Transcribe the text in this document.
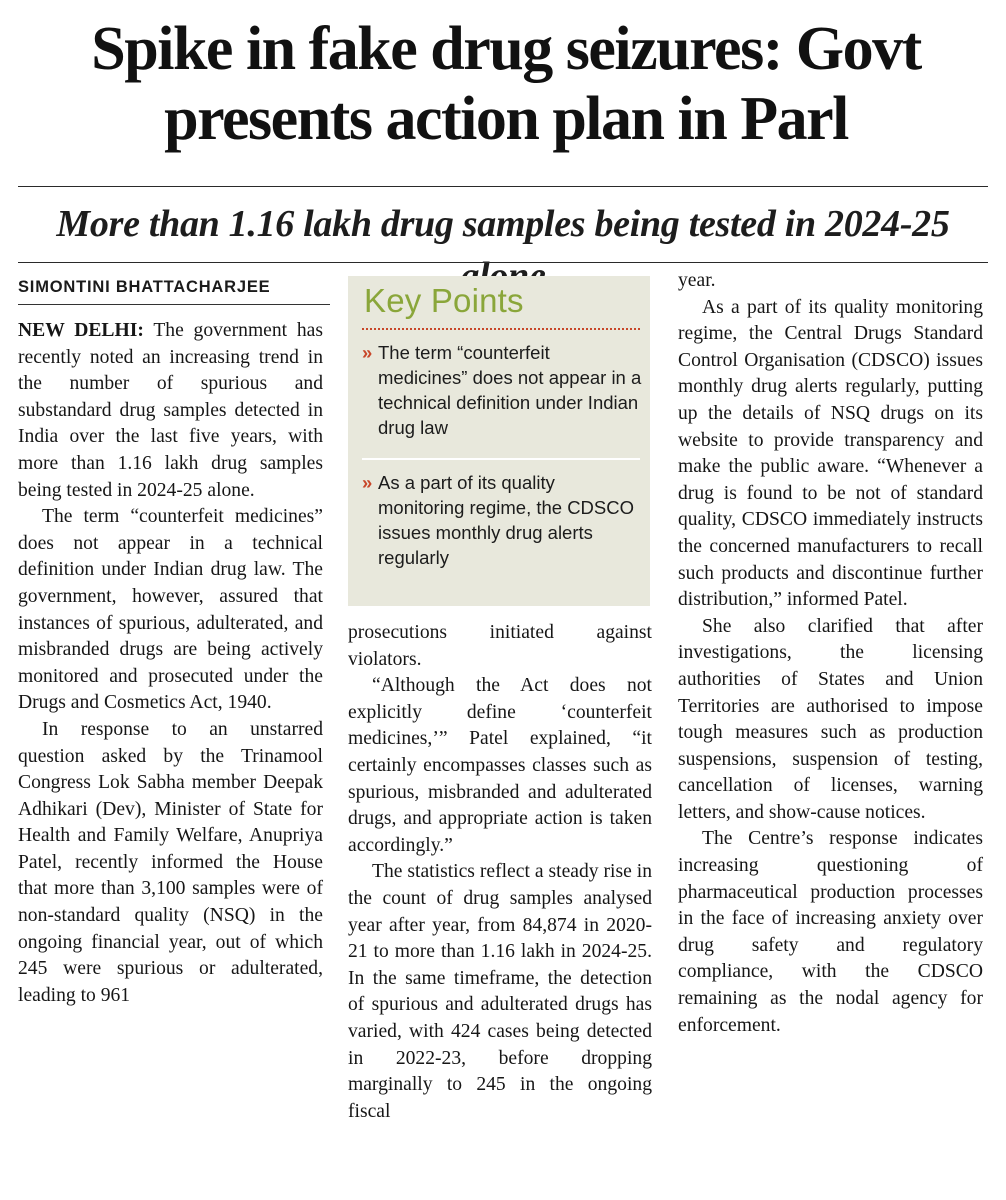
Spike in fake drug seizures: Govt presents action plan in Parl
More than 1.16 lakh drug samples being tested in 2024-25
SIMONTINI BHATTACHARJEE

NEW DELHI: The government has recently noted an increasing trend in the number of spurious and substandard drug samples detected in India over the last five years, with more than 1.16 lakh drug samples being tested in 2024-25 alone.

The term “counterfeit medicines” does not appear in a technical definition under Indian drug law. The government, however, assured that instances of spurious, adulterated, and misbranded drugs are being actively monitored and prosecuted under the Drugs and Cosmetics Act, 1940.

In response to an unstarred question asked by the Trinamool Congress Lok Sabha member Deepak Adhikari (Dev), Minister of State for Health and Family Welfare, Anupriya Patel, recently informed the House that more than 3,100 samples were of non-standard quality (NSQ) in the ongoing financial year, out of which 245 were spurious or adulterated, leading to 961

Key Points
» The term “counterfeit medicines” does not appear in a technical definition under Indian drug law
» As a part of its quality monitoring regime, the CDSCO issues monthly drug alerts regularly

prosecutions initiated against violators.

“Although the Act does not explicitly define ‘counterfeit medicines,’” Patel explained, “it certainly encompasses classes such as spurious, misbranded and adulterated drugs, and appropriate action is taken accordingly.”

The statistics reflect a steady rise in the count of drug samples analysed year after year, from 84,874 in 2020-21 to more than 1.16 lakh in 2024-25. In the same timeframe, the detection of spurious and adulterated drugs has varied, with 424 cases being detected in 2022-23, before dropping marginally to 245 in the ongoing fiscal

year.

As a part of its quality monitoring regime, the Central Drugs Standard Control Organisation (CDSCO) issues monthly drug alerts regularly, putting up the details of NSQ drugs on its website to provide transparency and make the public aware. “Whenever a drug is found to be not of standard quality, CDSCO immediately instructs the concerned manufacturers to recall such products and discontinue further distribution,” informed Patel.

She also clarified that after investigations, the licensing authorities of States and Union Territories are authorised to impose tough measures such as production suspensions, suspension of testing, cancellation of licenses, warning letters, and show-cause notices.

The Centre’s response indicates increasing questioning of pharmaceutical production processes in the face of increasing anxiety over drug safety and regulatory compliance, with the CDSCO remaining as the nodal agency for enforcement.
